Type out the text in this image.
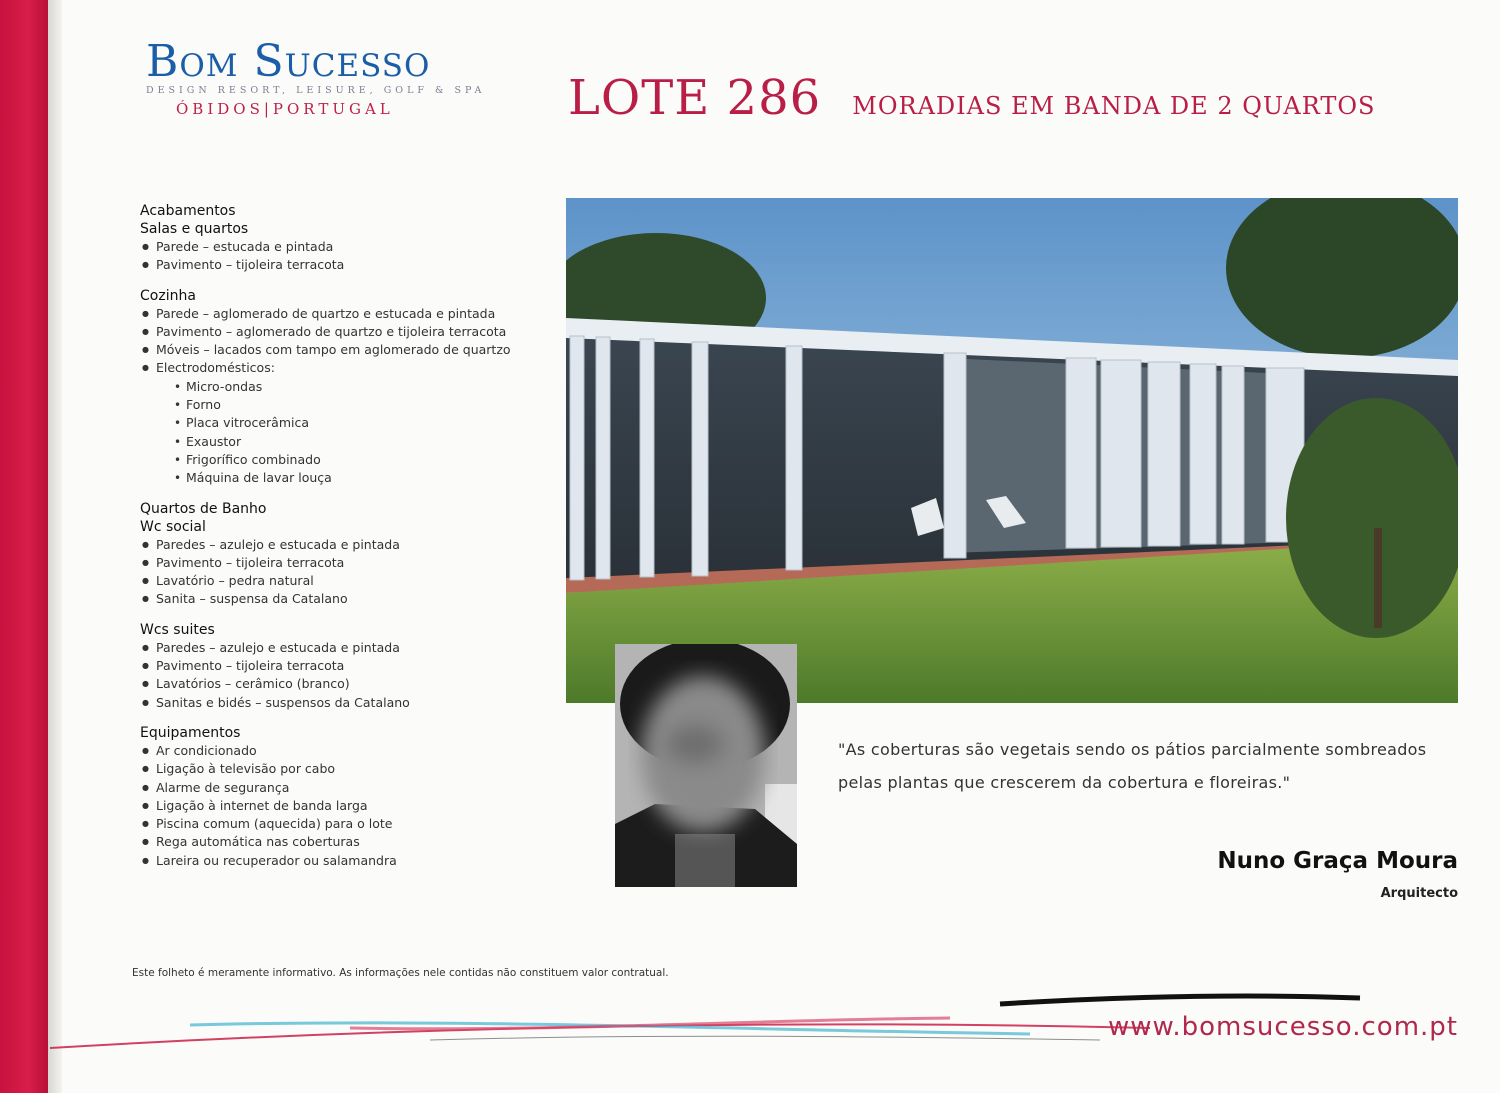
Bom Sucesso
DESIGN RESORT, LEISURE, GOLF & SPA
ÓBIDOS|PORTUGAL	LOTE 286 MORADIAS EM BANDA DE 2 QUARTOS
Acabamentos
Salas e quartos
● Parede – estucada e pintada
● Pavimento – tijoleira terracota
Cozinha
● Parede – aglomerado de quartzo e estucada e pintada
● Pavimento – aglomerado de quartzo e tijoleira terracota
● Móveis – lacados com tampo em aglomerado de quartzo
● Electrodomésticos:
• Micro-ondas
• Forno
• Placa vitrocerâmica
• Exaustor
• Frigorífico combinado
• Máquina de lavar louça
Quartos de Banho
Wc social
● Paredes – azulejo e estucada e pintada
● Pavimento – tijoleira terracota
● Lavatório – pedra natural
● Sanita – suspensa da Catalano
Wcs suites
● Paredes – azulejo e estucada e pintada
● Pavimento – tijoleira terracota
● Lavatórios – cerâmico (branco)
● Sanitas e bidés – suspensos da Catalano
Equipamentos
● Ar condicionado
● Ligação à televisão por cabo
● Alarme de segurança
● Ligação à internet de banda larga
● Piscina comum (aquecida) para o lote
● Rega automática nas coberturas
● Lareira ou recuperador ou salamandra
"As coberturas são vegetais sendo os pátios parcialmente sombreados pelas plantas que crescerem da cobertura e floreiras."
Nuno Graça Moura
Arquitecto
Este folheto é meramente informativo. As informações nele contidas não constituem valor contratual.
www.bomsucesso.com.pt
